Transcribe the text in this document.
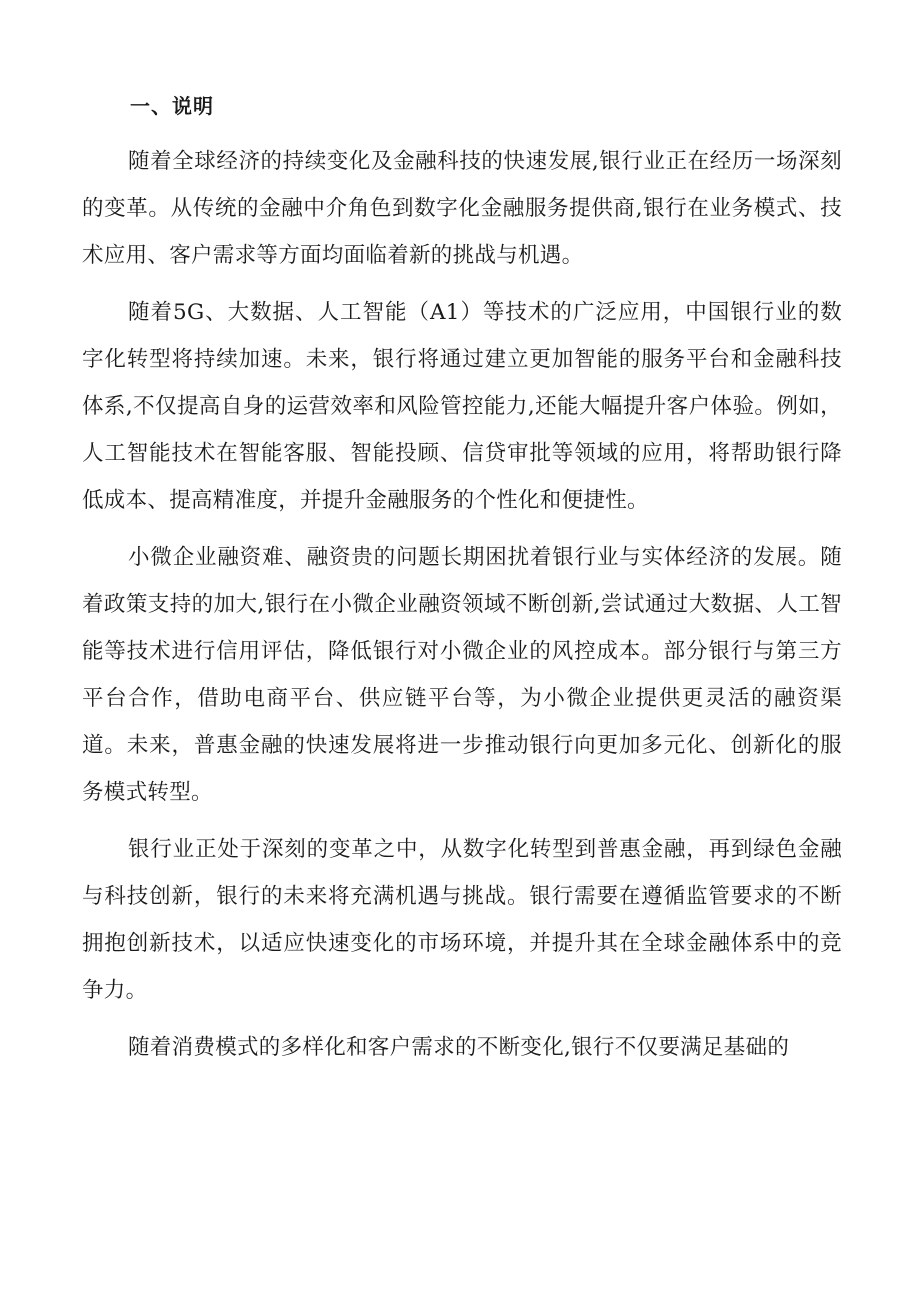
一、说明

随着全球经济的持续变化及金融科技的快速发展,银行业正在经历一场深刻的变革。从传统的金融中介角色到数字化金融服务提供商,银行在业务模式、技术应用、客户需求等方面均面临着新的挑战与机遇。

随着5G、大数据、人工智能（A1）等技术的广泛应用，中国银行业的数字化转型将持续加速。未来，银行将通过建立更加智能的服务平台和金融科技体系,不仅提高自身的运营效率和风险管控能力,还能大幅提升客户体验。例如，人工智能技术在智能客服、智能投顾、信贷审批等领域的应用，将帮助银行降低成本、提高精准度，并提升金融服务的个性化和便捷性。

小微企业融资难、融资贵的问题长期困扰着银行业与实体经济的发展。随着政策支持的加大,银行在小微企业融资领域不断创新,尝试通过大数据、人工智能等技术进行信用评估，降低银行对小微企业的风控成本。部分银行与第三方平台合作，借助电商平台、供应链平台等，为小微企业提供更灵活的融资渠道。未来，普惠金融的快速发展将进一步推动银行向更加多元化、创新化的服务模式转型。

银行业正处于深刻的变革之中，从数字化转型到普惠金融，再到绿色金融与科技创新，银行的未来将充满机遇与挑战。银行需要在遵循监管要求的不断拥抱创新技术，以适应快速变化的市场环境，并提升其在全球金融体系中的竞争力。

随着消费模式的多样化和客户需求的不断变化,银行不仅要满足基础的
